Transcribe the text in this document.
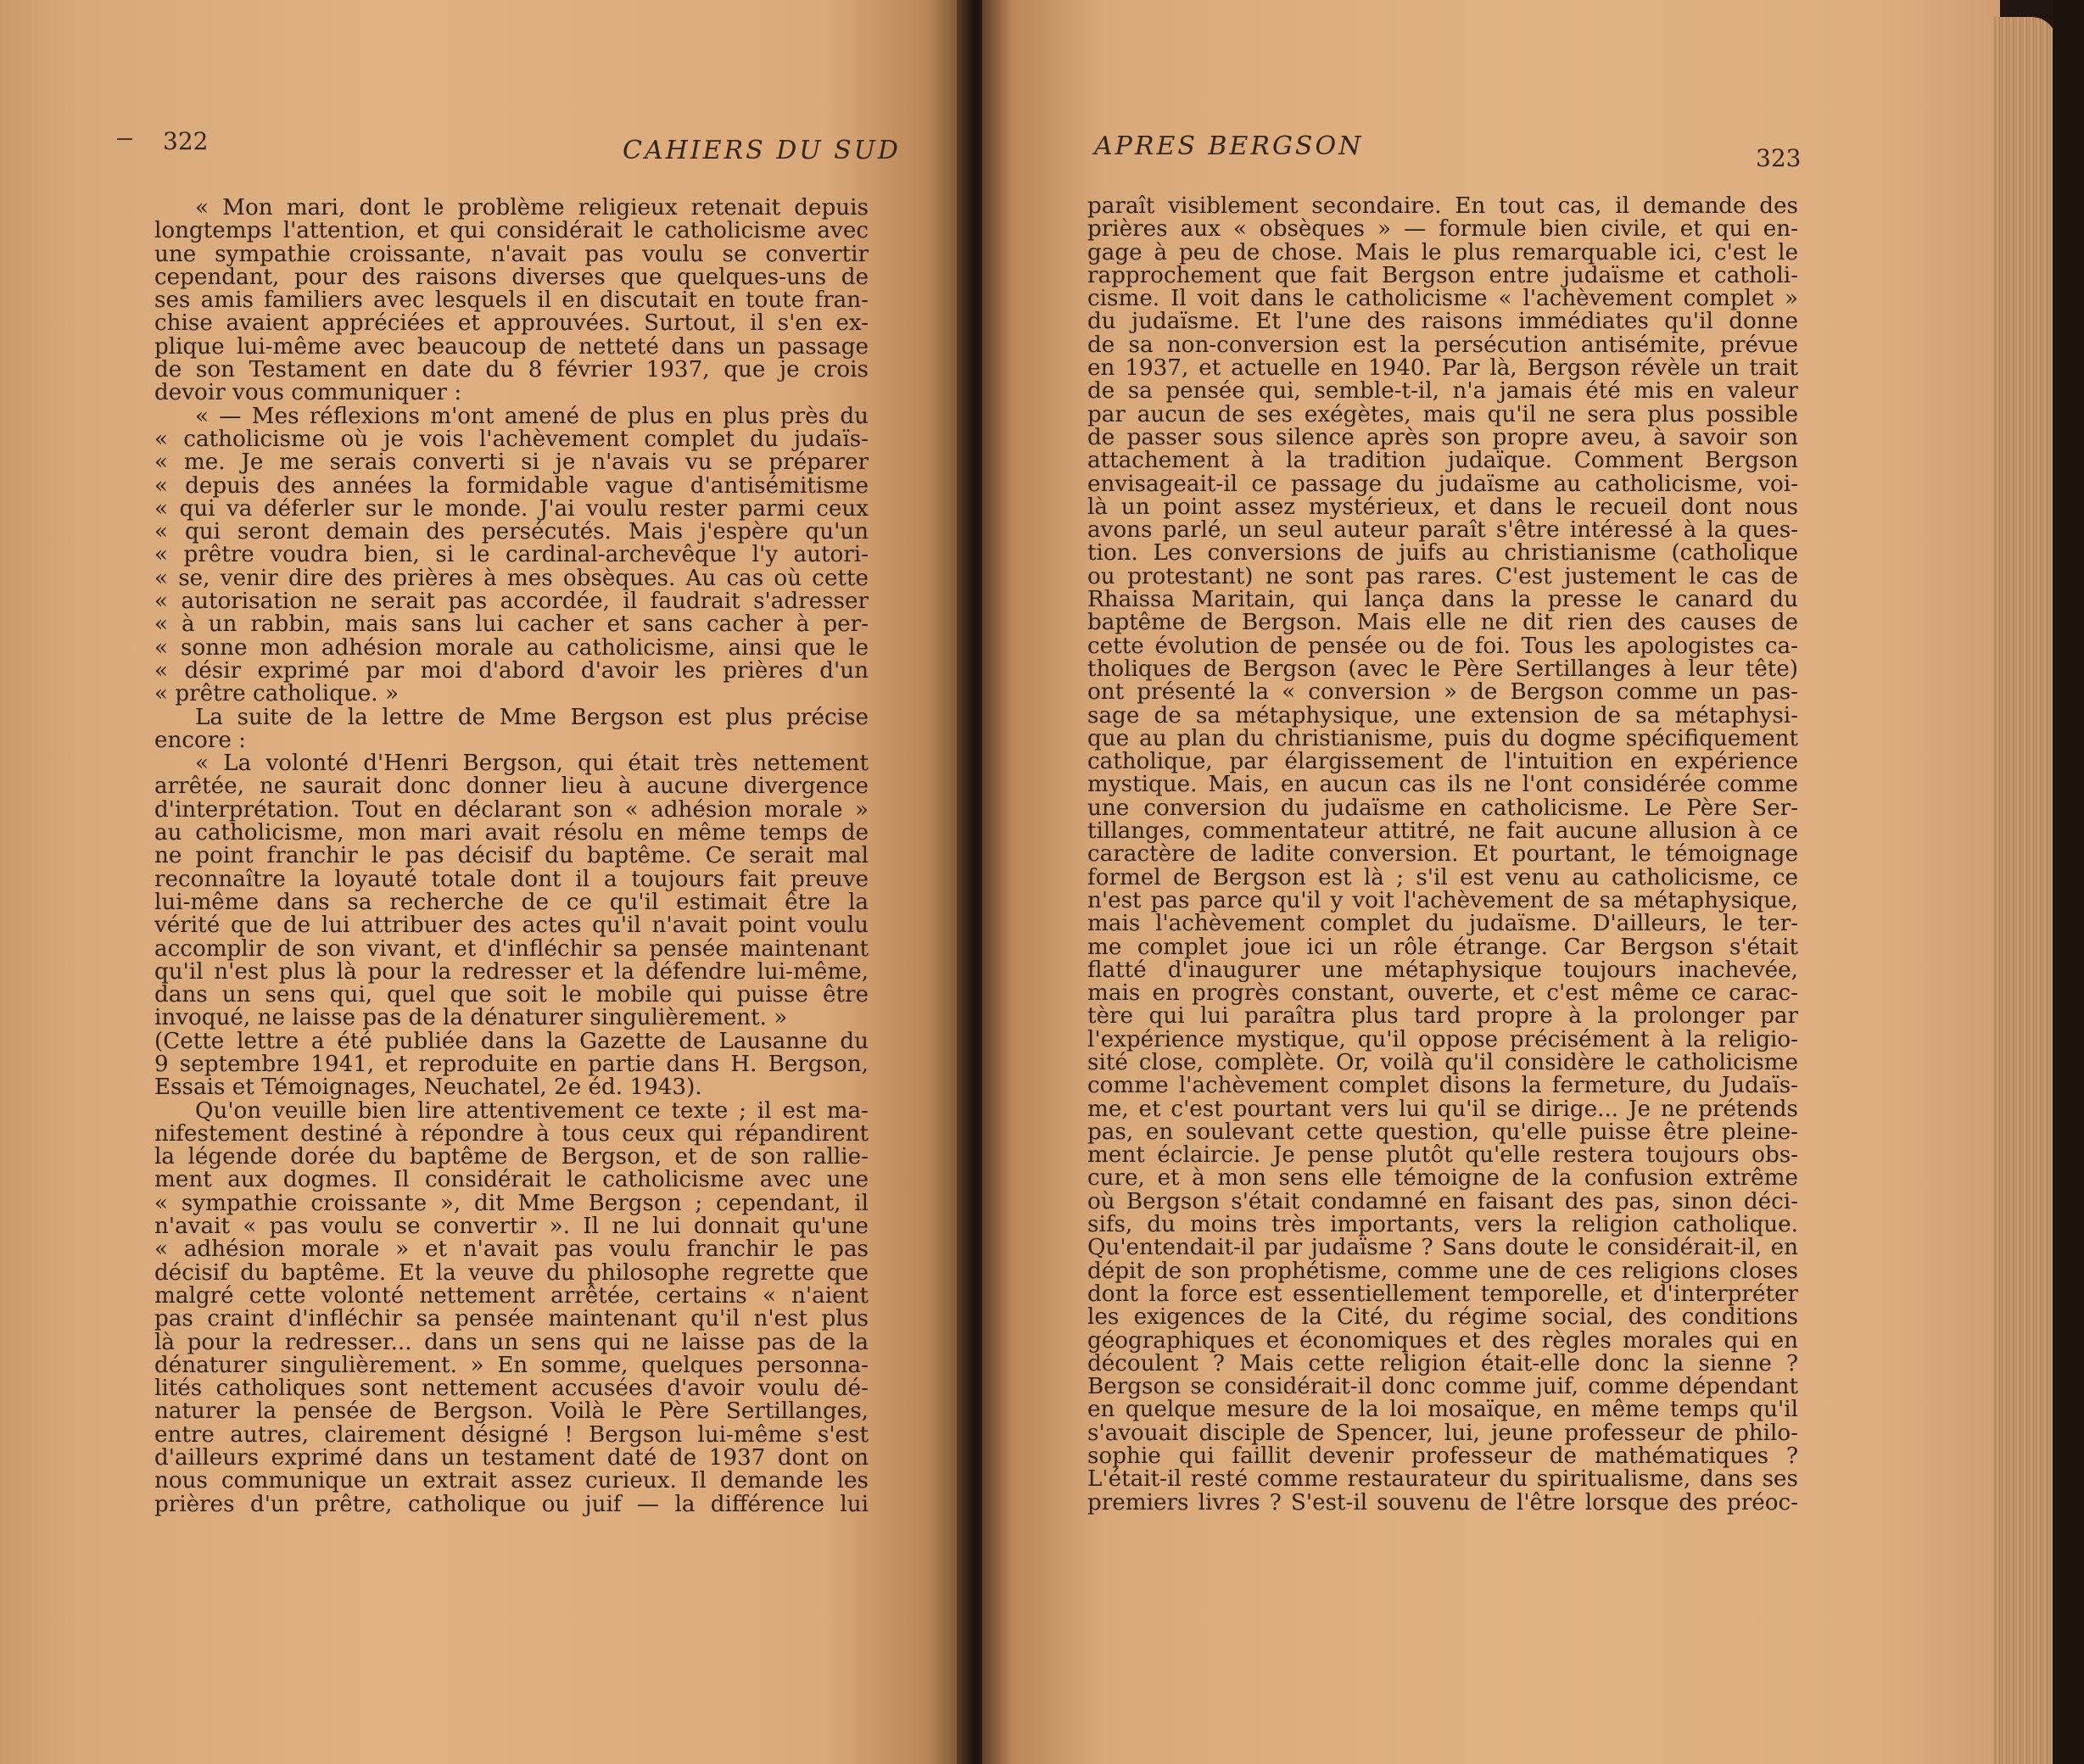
322	CAHIERS DU SUD
« Mon mari, dont le problème religieux retenait depuis
longtemps l'attention, et qui considérait le catholicisme avec
une sympathie croissante, n'avait pas voulu se convertir
cependant, pour des raisons diverses que quelques-uns de
ses amis familiers avec lesquels il en discutait en toute fran-
chise avaient appréciées et approuvées. Surtout, il s'en ex-
plique lui-même avec beaucoup de netteté dans un passage
de son Testament en date du 8 février 1937, que je crois
devoir vous communiquer :
« — Mes réflexions m'ont amené de plus en plus près du
« catholicisme où je vois l'achèvement complet du judaïs-
« me. Je me serais converti si je n'avais vu se préparer
« depuis des années la formidable vague d'antisémitisme
« qui va déferler sur le monde. J'ai voulu rester parmi ceux
« qui seront demain des persécutés. Mais j'espère qu'un
« prêtre voudra bien, si le cardinal-archevêque l'y autori-
« se, venir dire des prières à mes obsèques. Au cas où cette
« autorisation ne serait pas accordée, il faudrait s'adresser
« à un rabbin, mais sans lui cacher et sans cacher à per-
« sonne mon adhésion morale au catholicisme, ainsi que le
« désir exprimé par moi d'abord d'avoir les prières d'un
« prêtre catholique. »
La suite de la lettre de Mme Bergson est plus précise
encore :
« La volonté d'Henri Bergson, qui était très nettement
arrêtée, ne saurait donc donner lieu à aucune divergence
d'interprétation. Tout en déclarant son « adhésion morale »
au catholicisme, mon mari avait résolu en même temps de
ne point franchir le pas décisif du baptême. Ce serait mal
reconnaître la loyauté totale dont il a toujours fait preuve
lui-même dans sa recherche de ce qu'il estimait être la
vérité que de lui attribuer des actes qu'il n'avait point voulu
accomplir de son vivant, et d'infléchir sa pensée maintenant
qu'il n'est plus là pour la redresser et la défendre lui-même,
dans un sens qui, quel que soit le mobile qui puisse être
invoqué, ne laisse pas de la dénaturer singulièrement. »
(Cette lettre a été publiée dans la Gazette de Lausanne du
9 septembre 1941, et reproduite en partie dans H. Bergson,
Essais et Témoignages, Neuchatel, 2e éd. 1943).
Qu'on veuille bien lire attentivement ce texte ; il est ma-
nifestement destiné à répondre à tous ceux qui répandirent
la légende dorée du baptême de Bergson, et de son ralliе-
ment aux dogmes. Il considérait le catholicisme avec une
« sympathie croissante », dit Mme Bergson ; cependant, il
n'avait « pas voulu se convertir ». Il ne lui donnait qu'une
« adhésion morale » et n'avait pas voulu franchir le pas
décisif du baptême. Et la veuve du philosophe regrette que
malgré cette volonté nettement arrêtée, certains « n'aient
pas craint d'infléchir sa pensée maintenant qu'il n'est plus
là pour la redresser... dans un sens qui ne laisse pas de la
dénaturer singulièrement. » En somme, quelques personna-
lités catholiques sont nettement accusées d'avoir voulu dé-
naturer la pensée de Bergson. Voilà le Père Sertillanges,
entre autres, clairement désigné ! Bergson lui-même s'est
d'ailleurs exprimé dans un testament daté de 1937 dont on
nous communique un extrait assez curieux. Il demande les
prières d'un prêtre, catholique ou juif — la différence lui
APRES BERGSON	323
paraît visiblement secondaire. En tout cas, il demande des
prières aux « obsèques » — formule bien civile, et qui en-
gage à peu de chose. Mais le plus remarquable ici, c'est le
rapprochement que fait Bergson entre judaïsme et catholi-
cisme. Il voit dans le catholicisme « l'achèvement complet »
du judaïsme. Et l'une des raisons immédiates qu'il donne
de sa non-conversion est la persécution antisémite, prévue
en 1937, et actuelle en 1940. Par là, Bergson révèle un trait
de sa pensée qui, semble-t-il, n'a jamais été mis en valeur
par aucun de ses exégètes, mais qu'il ne sera plus possible
de passer sous silence après son propre aveu, à savoir son
attachement à la tradition judaïque. Comment Bergson
envisageait-il ce passage du judaïsme au catholicisme, voi-
là un point assez mystérieux, et dans le recueil dont nous
avons parlé, un seul auteur paraît s'être intéressé à la ques-
tion. Les conversions de juifs au christianisme (catholique
ou protestant) ne sont pas rares. C'est justement le cas de
Rhaissa Maritain, qui lança dans la presse le canard du
baptême de Bergson. Mais elle ne dit rien des causes de
cette évolution de pensée ou de foi. Tous les apologistes ca-
tholiques de Bergson (avec le Père Sertillanges à leur tête)
ont présenté la « conversion » de Bergson comme un pas-
sage de sa métaphysique, une extension de sa métaphysi-
que au plan du christianisme, puis du dogme spécifiquement
catholique, par élargissement de l'intuition en expérience
mystique. Mais, en aucun cas ils ne l'ont considérée comme
une conversion du judaïsme en catholicisme. Le Père Ser-
tillanges, commentateur attitré, ne fait aucune allusion à ce
caractère de ladite conversion. Et pourtant, le témoignage
formel de Bergson est là ; s'il est venu au catholicisme, ce
n'est pas parce qu'il y voit l'achèvement de sa métaphysique,
mais l'achèvement complet du judaïsme. D'ailleurs, le ter-
me complet joue ici un rôle étrange. Car Bergson s'était
flatté d'inaugurer une métaphysique toujours inachevée,
mais en progrès constant, ouverte, et c'est même ce carac-
tère qui lui paraîtra plus tard propre à la prolonger par
l'expérience mystique, qu'il oppose précisément à la religio-
sité close, complète. Or, voilà qu'il considère le catholicisme
comme l'achèvement complet disons la fermeture, du Judaïs-
me, et c'est pourtant vers lui qu'il se dirige... Je ne prétends
pas, en soulevant cette question, qu'elle puisse être pleine-
ment éclaircie. Je pense plutôt qu'elle restera toujours obs-
cure, et à mon sens elle témoigne de la confusion extrême
où Bergson s'était condamné en faisant des pas, sinon déci-
sifs, du moins très importants, vers la religion catholique.
Qu'entendait-il par judaïsme ? Sans doute le considérait-il, en
dépit de son prophétisme, comme une de ces religions closes
dont la force est essentiellement temporelle, et d'interpréter
les exigences de la Cité, du régime social, des conditions
géographiques et économiques et des règles morales qui en
découlent ? Mais cette religion était-elle donc la sienne ?
Bergson se considérait-il donc comme juif, comme dépendant
en quelque mesure de la loi mosaïque, en même temps qu'il
s'avouait disciple de Spencer, lui, jeune professeur de philo-
sophie qui faillit devenir professeur de mathématiques ?
L'était-il resté comme restaurateur du spiritualisme, dans ses
premiers livres ? S'est-il souvenu de l'être lorsque des préoc-
